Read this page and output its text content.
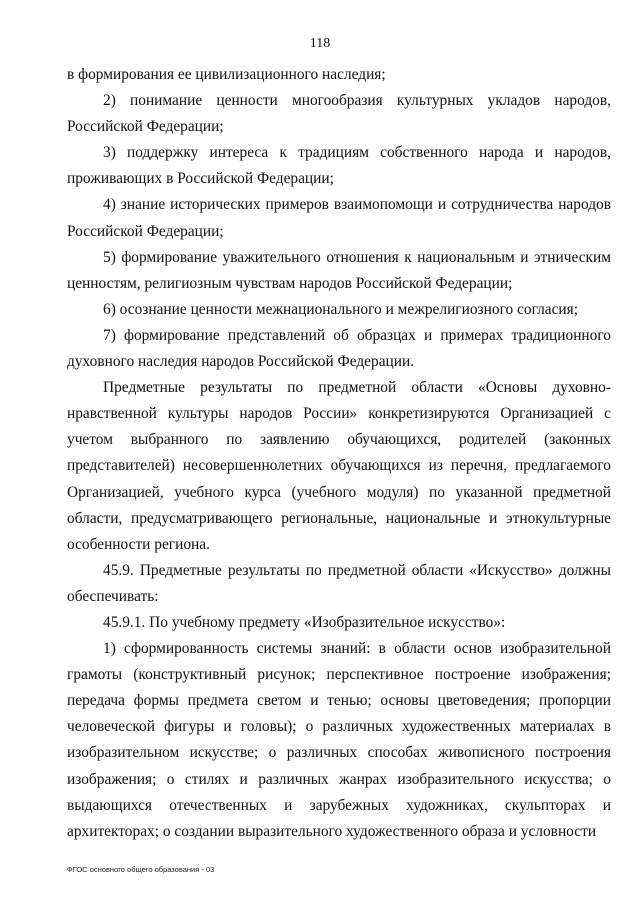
118

в формирования ее цивилизационного наследия;

2) понимание ценности многообразия культурных укладов народов, Российской Федерации;

3) поддержку интереса к традициям собственного народа и народов, проживающих в Российской Федерации;

4) знание исторических примеров взаимопомощи и сотрудничества народов Российской Федерации;

5) формирование уважительного отношения к национальным и этническим ценностям, религиозным чувствам народов Российской Федерации;

6) осознание ценности межнационального и межрелигиозного согласия;

7) формирование представлений об образцах и примерах традиционного духовного наследия народов Российской Федерации.

Предметные результаты по предметной области «Основы духовно-нравственной культуры народов России» конкретизируются Организацией с учетом выбранного по заявлению обучающихся, родителей (законных представителей) несовершеннолетних обучающихся из перечня, предлагаемого Организацией, учебного курса (учебного модуля) по указанной предметной области, предусматривающего региональные, национальные и этнокультурные особенности региона.

45.9. Предметные результаты по предметной области «Искусство» должны обеспечивать:

45.9.1. По учебному предмету «Изобразительное искусство»:

1) сформированность системы знаний: в области основ изобразительной грамоты (конструктивный рисунок; перспективное построение изображения; передача формы предмета светом и тенью; основы цветоведения; пропорции человеческой фигуры и головы); о различных художественных материалах в изобразительном искусстве; о различных способах живописного построения изображения; о стилях и различных жанрах изобразительного искусства; о выдающихся отечественных и зарубежных художниках, скульпторах и архитекторах; о создании выразительного художественного образа и условности

ФГОС основного общего образования - 03
